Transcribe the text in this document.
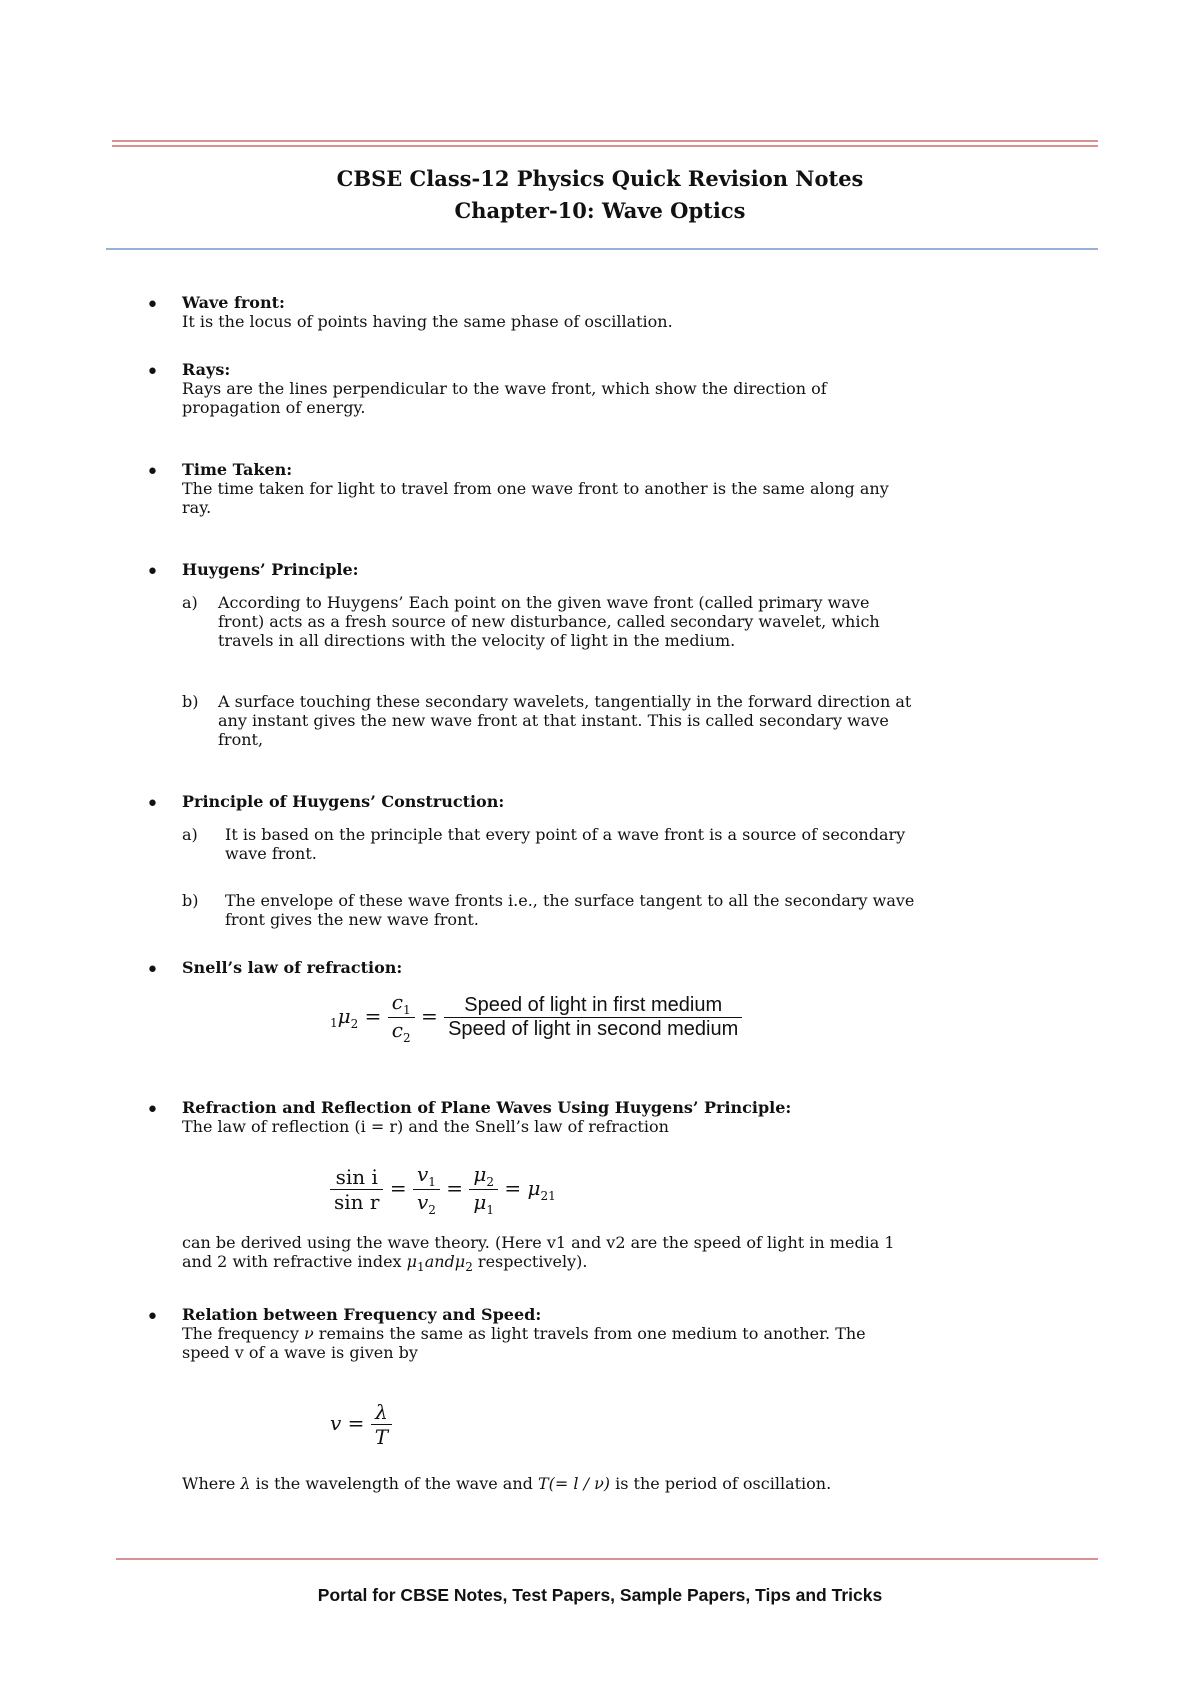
CBSE Class-12 Physics Quick Revision Notes
Chapter-10: Wave Optics
• Wave front:
It is the locus of points having the same phase of oscillation.
• Rays:
Rays are the lines perpendicular to the wave front, which show the direction of
propagation of energy.
• Time Taken:
The time taken for light to travel from one wave front to another is the same along any
ray.
• Huygens’ Principle:
a) According to Huygens’ Each point on the given wave front (called primary wave
front) acts as a fresh source of new disturbance, called secondary wavelet, which
travels in all directions with the velocity of light in the medium.
b) A surface touching these secondary wavelets, tangentially in the forward direction at
any instant gives the new wave front at that instant. This is called secondary wave
front,
• Principle of Huygens’ Construction:
a) It is based on the principle that every point of a wave front is a source of secondary
wave front.
b) The envelope of these wave fronts i.e., the surface tangent to all the secondary wave
front gives the new wave front.
• Snell’s law of refraction:
$_1\mu_2 = \frac{c_1}{c_2} = \frac{\text{Speed of light in first medium}}{\text{Speed of light in second medium}}$
• Refraction and Reflection of Plane Waves Using Huygens’ Principle:
The law of reflection (i = r) and the Snell’s law of refraction
$\frac{\text{sin i}}{\text{sin r}} = \frac{v_1}{v_2} = \frac{\mu_2}{\mu_1} = \mu_{21}$
can be derived using the wave theory. (Here v1 and v2 are the speed of light in media 1
and 2 with refractive index $\mu_1and\mu_2$ respectively).
• Relation between Frequency and Speed:
The frequency ν remains the same as light travels from one medium to another. The
speed v of a wave is given by
$v = \frac{\lambda}{T}$
Where λ is the wavelength of the wave and T(= l / ν) is the period of oscillation.
Portal for CBSE Notes, Test Papers, Sample Papers, Tips and Tricks
